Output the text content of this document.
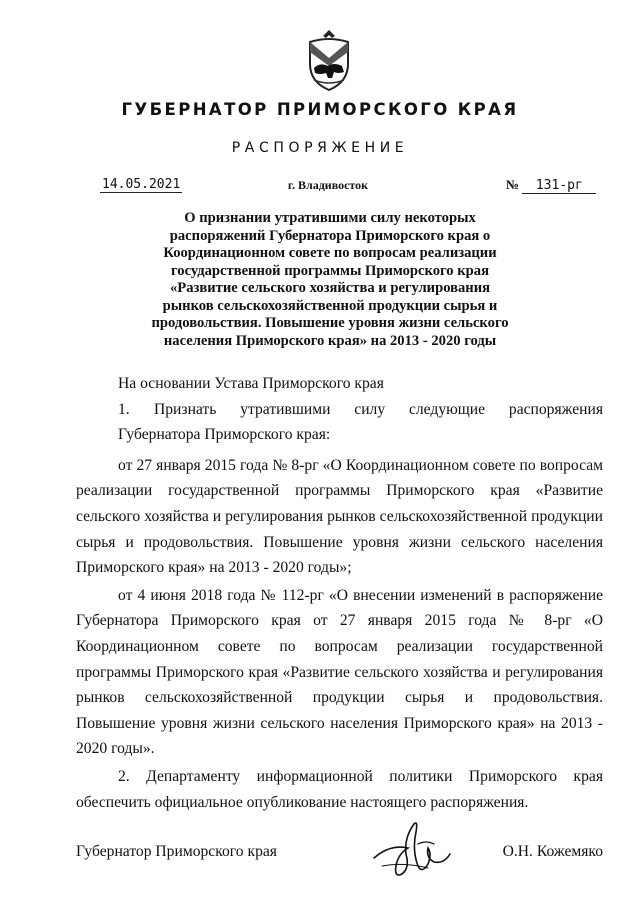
ГУБЕРНАТОР ПРИМОРСКОГО КРАЯ
РАСПОРЯЖЕНИЕ
14.05.2021	г. Владивосток	№ 131-рг
О признании утратившими силу некоторых
распоряжений Губернатора Приморского края о
Координационном совете по вопросам реализации
государственной программы Приморского края
«Развитие сельского хозяйства и регулирования
рынков сельскохозяйственной продукции сырья и
продовольствия. Повышение уровня жизни сельского
населения Приморского края» на 2013 - 2020 годы

На основании Устава Приморского края

1. Признать утратившими силу следующие распоряжения Губернатора Приморского края:

от 27 января 2015 года № 8-рг «О Координационном совете по вопросам реализации государственной программы Приморского края «Развитие сельского хозяйства и регулирования рынков сельскохозяйственной продукции сырья и продовольствия. Повышение уровня жизни сельского населения Приморского края» на 2013 - 2020 годы»;

от 4 июня 2018 года № 112-рг «О внесении изменений в распоряжение Губернатора Приморского края от 27 января 2015 года № 8-рг «О Координационном совете по вопросам реализации государственной программы Приморского края «Развитие сельского хозяйства и регулирования рынков сельскохозяйственной продукции сырья и продовольствия. Повышение уровня жизни сельского населения Приморского края» на 2013 - 2020 годы».

2. Департаменту информационной политики Приморского края обеспечить официальное опубликование настоящего распоряжения.

Губернатор Приморского края	О.Н. Кожемяко
